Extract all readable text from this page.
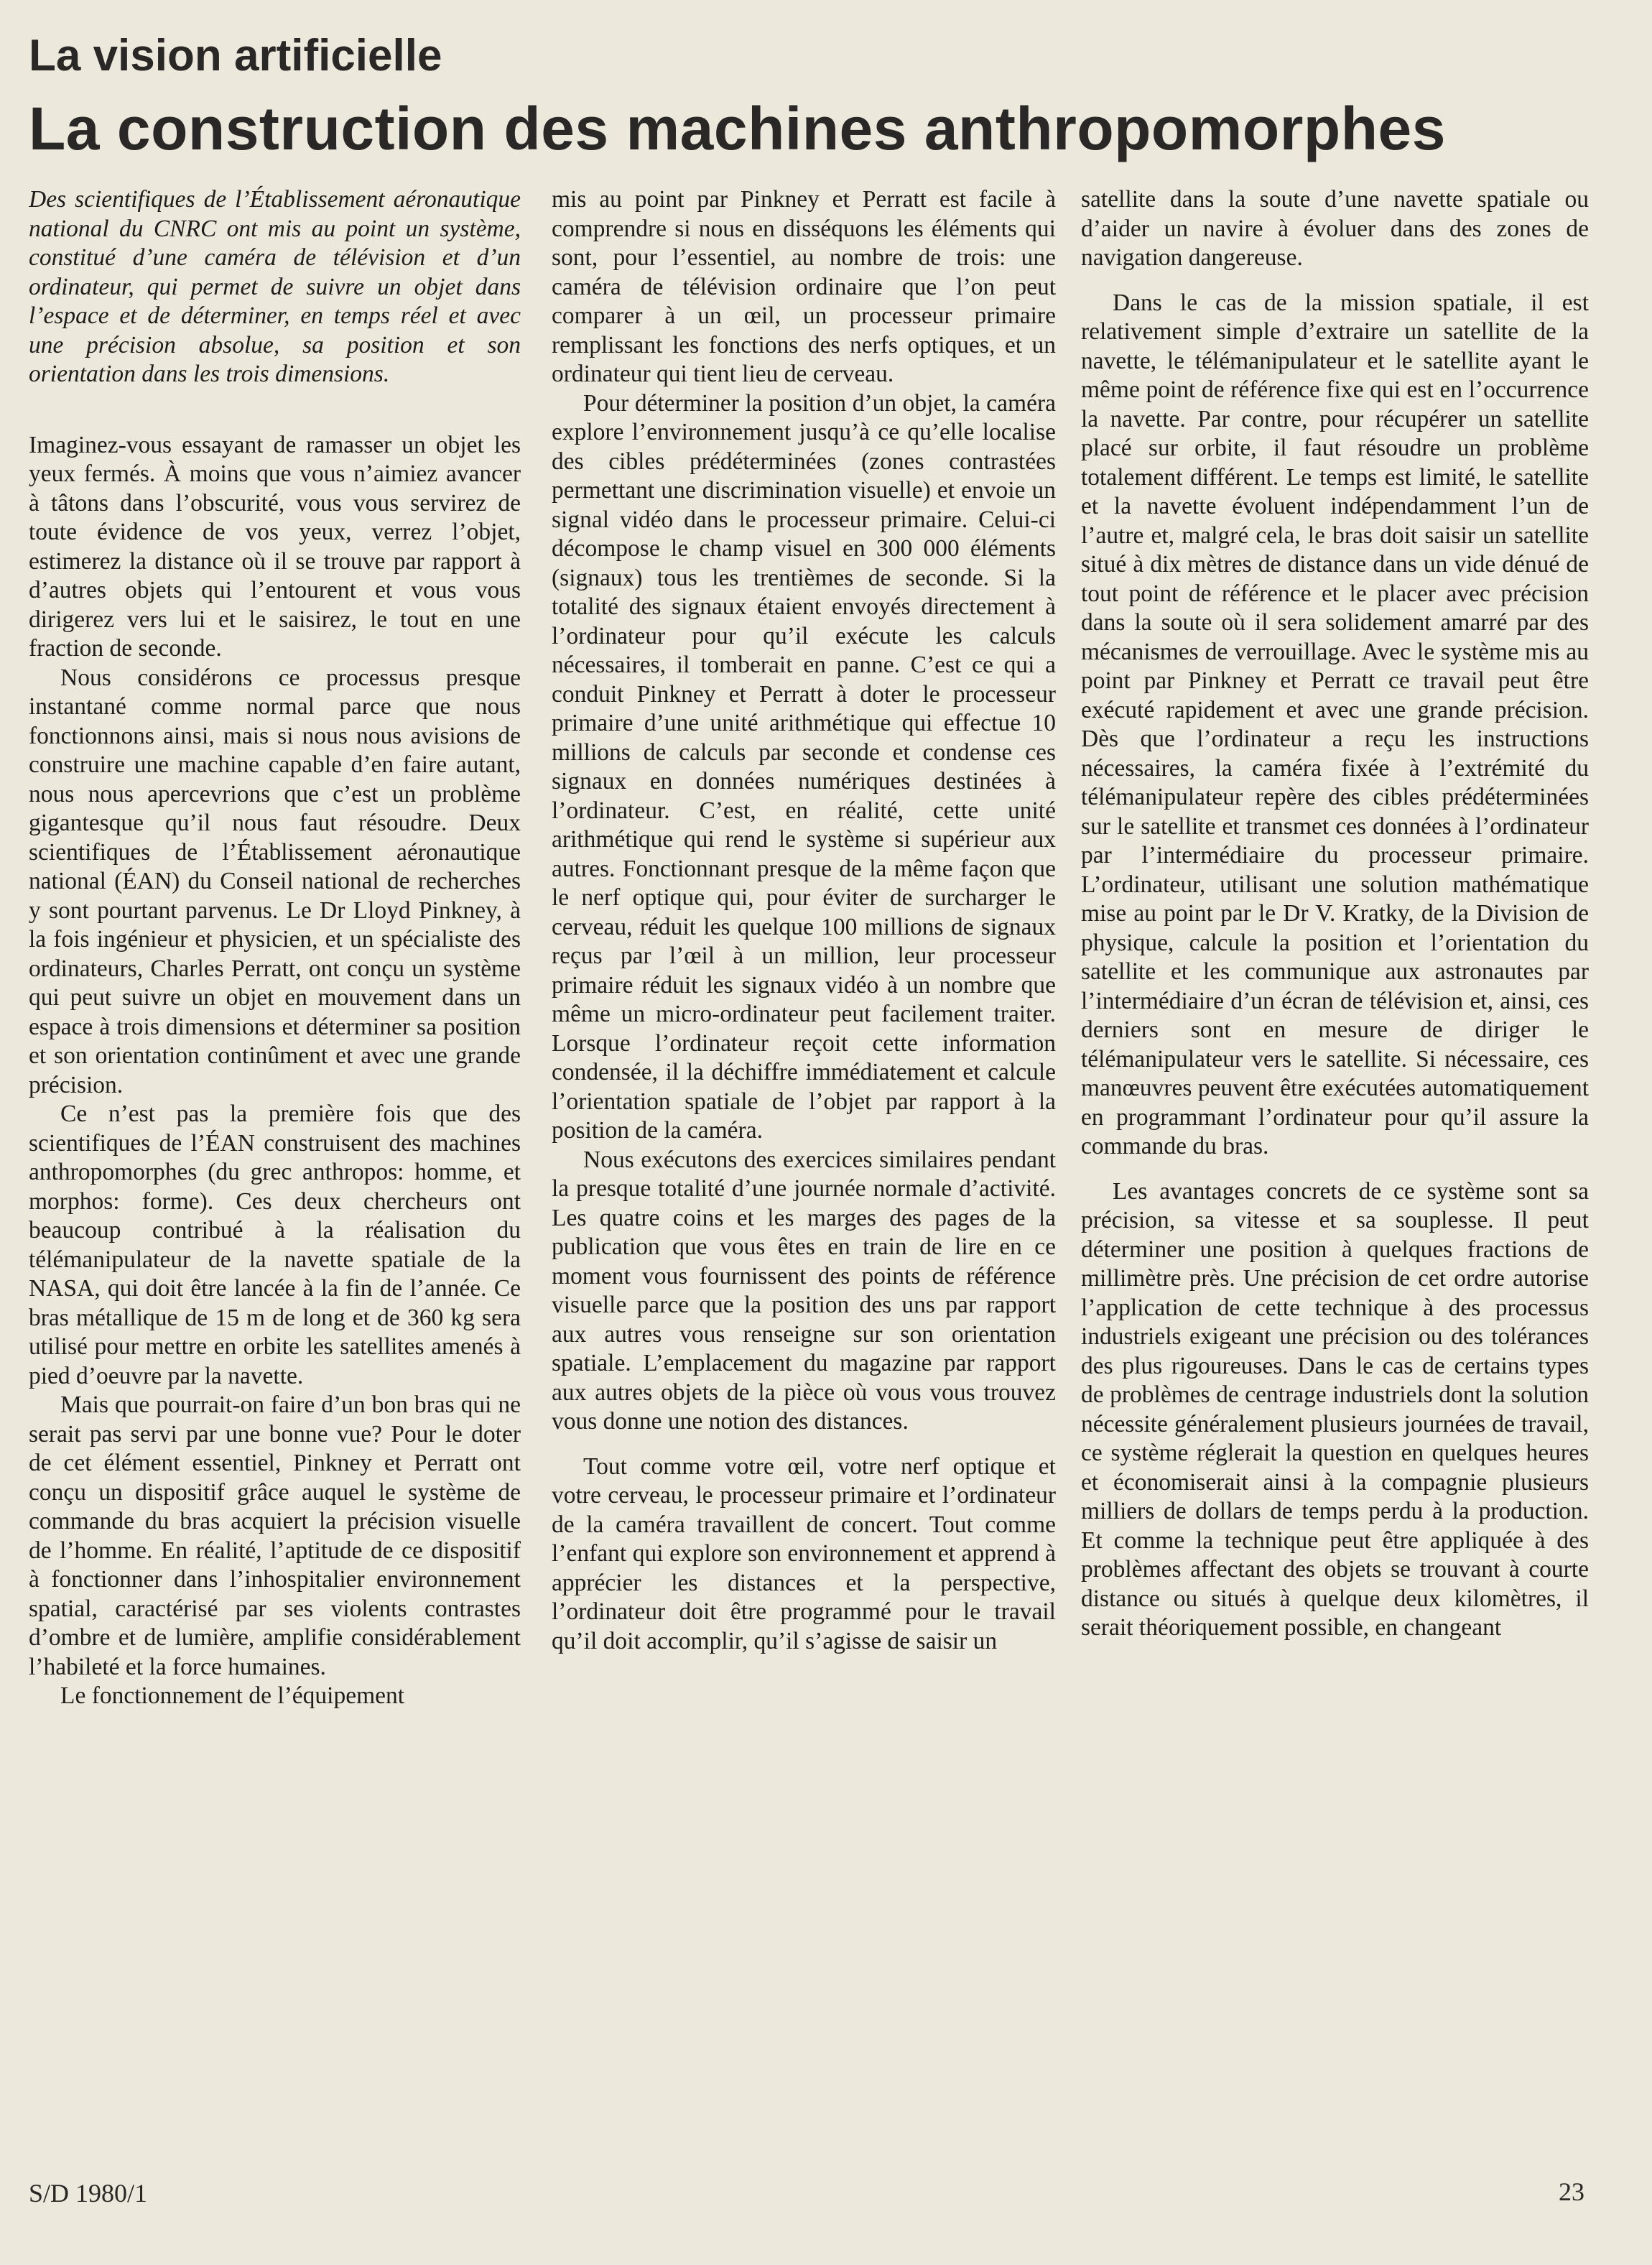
La vision artificielle
La construction des machines anthropomorphes

Des scientifiques de l’Établissement aéronautique national du CNRC ont mis au point un système, constitué d’une caméra de télévision et d’un ordinateur, qui permet de suivre un objet dans l’espace et de déterminer, en temps réel et avec une précision absolue, sa position et son orientation dans les trois dimensions.

Imaginez-vous essayant de ramasser un objet les yeux fermés. À moins que vous n’aimiez avancer à tâtons dans l’obscurité, vous vous servirez de toute évidence de vos yeux, verrez l’objet, estimerez la distance où il se trouve par rapport à d’autres objets qui l’entourent et vous vous dirigerez vers lui et le saisirez, le tout en une fraction de seconde.

Nous considérons ce processus presque instantané comme normal parce que nous fonctionnons ainsi, mais si nous nous avisions de construire une machine capable d’en faire autant, nous nous apercevrions que c’est un problème gigantesque qu’il nous faut résoudre. Deux scientifiques de l’Établissement aéronautique national (ÉAN) du Conseil national de recherches y sont pourtant parvenus. Le Dr Lloyd Pinkney, à la fois ingénieur et physicien, et un spécialiste des ordinateurs, Charles Perratt, ont conçu un système qui peut suivre un objet en mouvement dans un espace à trois dimensions et déterminer sa position et son orientation continûment et avec une grande précision.

Ce n’est pas la première fois que des scientifiques de l’ÉAN construisent des machines anthropomorphes (du grec anthropos: homme, et morphos: forme). Ces deux chercheurs ont beaucoup contribué à la réalisation du télémanipulateur de la navette spatiale de la NASA, qui doit être lancée à la fin de l’année. Ce bras métallique de 15 m de long et de 360 kg sera utilisé pour mettre en orbite les satellites amenés à pied d’oeuvre par la navette.

Mais que pourrait-on faire d’un bon bras qui ne serait pas servi par une bonne vue? Pour le doter de cet élément essentiel, Pinkney et Perratt ont conçu un dispositif grâce auquel le système de commande du bras acquiert la précision visuelle de l’homme. En réalité, l’aptitude de ce dispositif à fonctionner dans l’inhospitalier environnement spatial, caractérisé par ses violents contrastes d’ombre et de lumière, amplifie considérablement l’habileté et la force humaines.

Le fonctionnement de l’équipement

mis au point par Pinkney et Perratt est facile à comprendre si nous en disséquons les éléments qui sont, pour l’essentiel, au nombre de trois: une caméra de télévision ordinaire que l’on peut comparer à un œil, un processeur primaire remplissant les fonctions des nerfs optiques, et un ordinateur qui tient lieu de cerveau.

Pour déterminer la position d’un objet, la caméra explore l’environnement jusqu’à ce qu’elle localise des cibles prédéterminées (zones contrastées permettant une discrimination visuelle) et envoie un signal vidéo dans le processeur primaire. Celui-ci décompose le champ visuel en 300 000 éléments (signaux) tous les trentièmes de seconde. Si la totalité des signaux étaient envoyés directement à l’ordinateur pour qu’il exécute les calculs nécessaires, il tomberait en panne. C’est ce qui a conduit Pinkney et Perratt à doter le processeur primaire d’une unité arithmétique qui effectue 10 millions de calculs par seconde et condense ces signaux en données numériques destinées à l’ordinateur. C’est, en réalité, cette unité arithmétique qui rend le système si supérieur aux autres. Fonctionnant presque de la même façon que le nerf optique qui, pour éviter de surcharger le cerveau, réduit les quelque 100 millions de signaux reçus par l’œil à un million, leur processeur primaire réduit les signaux vidéo à un nombre que même un micro-ordinateur peut facilement traiter. Lorsque l’ordinateur reçoit cette information condensée, il la déchiffre immédiatement et calcule l’orientation spatiale de l’objet par rapport à la position de la caméra.

Nous exécutons des exercices similaires pendant la presque totalité d’une journée normale d’activité. Les quatre coins et les marges des pages de la publication que vous êtes en train de lire en ce moment vous fournissent des points de référence visuelle parce que la position des uns par rapport aux autres vous renseigne sur son orientation spatiale. L’emplacement du magazine par rapport aux autres objets de la pièce où vous vous trouvez vous donne une notion des distances.

Tout comme votre œil, votre nerf optique et votre cerveau, le processeur primaire et l’ordinateur de la caméra travaillent de concert. Tout comme l’enfant qui explore son environnement et apprend à apprécier les distances et la perspective, l’ordinateur doit être programmé pour le travail qu’il doit accomplir, qu’il s’agisse de saisir un

satellite dans la soute d’une navette spatiale ou d’aider un navire à évoluer dans des zones de navigation dangereuse.

Dans le cas de la mission spatiale, il est relativement simple d’extraire un satellite de la navette, le télémanipulateur et le satellite ayant le même point de référence fixe qui est en l’occurrence la navette. Par contre, pour récupérer un satellite placé sur orbite, il faut résoudre un problème totalement différent. Le temps est limité, le satellite et la navette évoluent indépendamment l’un de l’autre et, malgré cela, le bras doit saisir un satellite situé à dix mètres de distance dans un vide dénué de tout point de référence et le placer avec précision dans la soute où il sera solidement amarré par des mécanismes de verrouillage. Avec le système mis au point par Pinkney et Perratt ce travail peut être exécuté rapidement et avec une grande précision. Dès que l’ordinateur a reçu les instructions nécessaires, la caméra fixée à l’extrémité du télémanipulateur repère des cibles prédéterminées sur le satellite et transmet ces données à l’ordinateur par l’intermédiaire du processeur primaire. L’ordinateur, utilisant une solution mathématique mise au point par le Dr V. Kratky, de la Division de physique, calcule la position et l’orientation du satellite et les communique aux astronautes par l’intermédiaire d’un écran de télévision et, ainsi, ces derniers sont en mesure de diriger le télémanipulateur vers le satellite. Si nécessaire, ces manœuvres peuvent être exécutées automatiquement en programmant l’ordinateur pour qu’il assure la commande du bras.

Les avantages concrets de ce système sont sa précision, sa vitesse et sa souplesse. Il peut déterminer une position à quelques fractions de millimètre près. Une précision de cet ordre autorise l’application de cette technique à des processus industriels exigeant une précision ou des tolérances des plus rigoureuses. Dans le cas de certains types de problèmes de centrage industriels dont la solution nécessite généralement plusieurs journées de travail, ce système réglerait la question en quelques heures et économiserait ainsi à la compagnie plusieurs milliers de dollars de temps perdu à la production. Et comme la technique peut être appliquée à des problèmes affectant des objets se trouvant à courte distance ou situés à quelque deux kilomètres, il serait théoriquement possible, en changeant

S/D 1980/1	23
